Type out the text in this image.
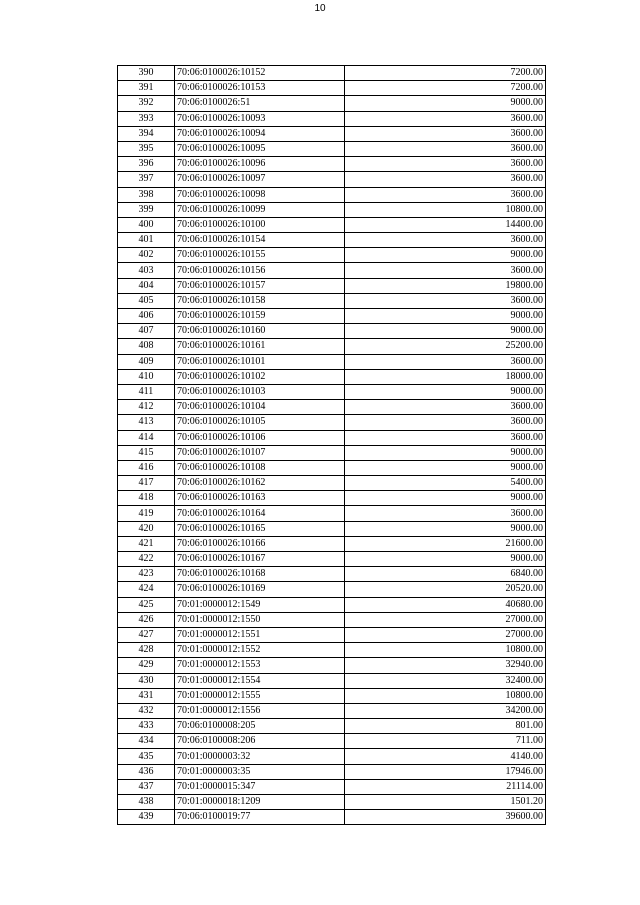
10
390	70:06:0100026:10152	7200.00
391	70:06:0100026:10153	7200.00
392	70:06:0100026:51	9000.00
393	70:06:0100026:10093	3600.00
394	70:06:0100026:10094	3600.00
395	70:06:0100026:10095	3600.00
396	70:06:0100026:10096	3600.00
397	70:06:0100026:10097	3600.00
398	70:06:0100026:10098	3600.00
399	70:06:0100026:10099	10800.00
400	70:06:0100026:10100	14400.00
401	70:06:0100026:10154	3600.00
402	70:06:0100026:10155	9000.00
403	70:06:0100026:10156	3600.00
404	70:06:0100026:10157	19800.00
405	70:06:0100026:10158	3600.00
406	70:06:0100026:10159	9000.00
407	70:06:0100026:10160	9000.00
408	70:06:0100026:10161	25200.00
409	70:06:0100026:10101	3600.00
410	70:06:0100026:10102	18000.00
411	70:06:0100026:10103	9000.00
412	70:06:0100026:10104	3600.00
413	70:06:0100026:10105	3600.00
414	70:06:0100026:10106	3600.00
415	70:06:0100026:10107	9000.00
416	70:06:0100026:10108	9000.00
417	70:06:0100026:10162	5400.00
418	70:06:0100026:10163	9000.00
419	70:06:0100026:10164	3600.00
420	70:06:0100026:10165	9000.00
421	70:06:0100026:10166	21600.00
422	70:06:0100026:10167	9000.00
423	70:06:0100026:10168	6840.00
424	70:06:0100026:10169	20520.00
425	70:01:0000012:1549	40680.00
426	70:01:0000012:1550	27000.00
427	70:01:0000012:1551	27000.00
428	70:01:0000012:1552	10800.00
429	70:01:0000012:1553	32940.00
430	70:01:0000012:1554	32400.00
431	70:01:0000012:1555	10800.00
432	70:01:0000012:1556	34200.00
433	70:06:0100008:205	801.00
434	70:06:0100008:206	711.00
435	70:01:0000003:32	4140.00
436	70:01:0000003:35	17946.00
437	70:01:0000015:347	21114.00
438	70:01:0000018:1209	1501.20
439	70:06:0100019:77	39600.00
